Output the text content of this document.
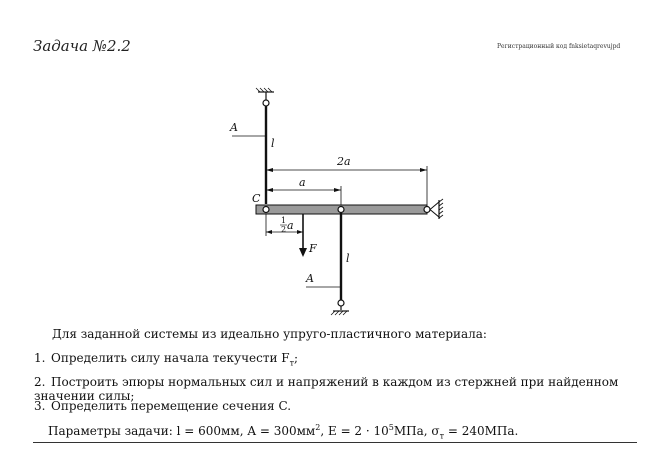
Задача №2.2	Регистрационный код fnksietaqrevujpd
A
l
2a
a
C
1
2 a
F
l
A
Для заданной системы из идеально упруго-пластичного материала:
1. Определить силу начала текучести $F_т$;
2. Построить эпюры нормальных сил и напряжений в каждом из стержней при найденном значении силы;
3. Определить перемещение сечения C.
Параметры задачи: l = 600мм, $A = 300мм^2$, $E = 2 \cdot 10^5МПа$, $\sigma_т = 240МПа$.
